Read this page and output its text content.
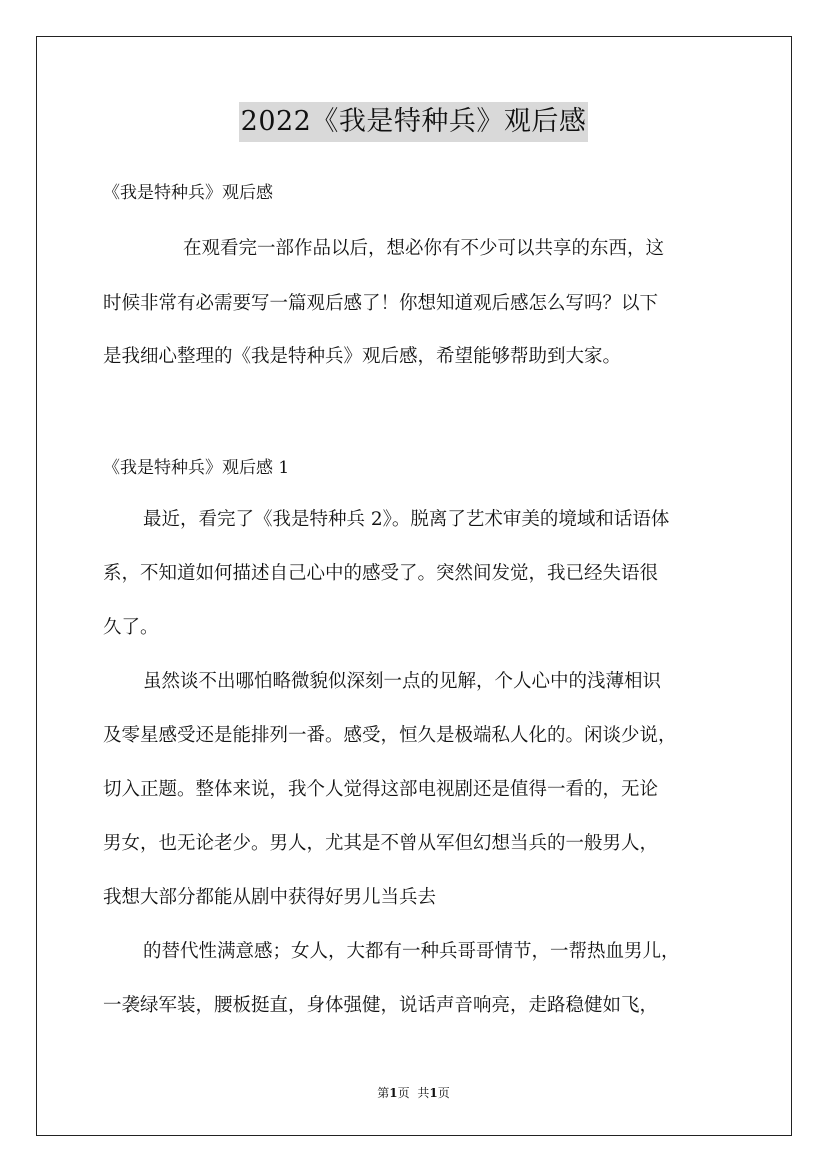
2022《我是特种兵》观后感
《我是特种兵》观后感
在观看完一部作品以后，想必你有不少可以共享的东西，这
时候非常有必需要写一篇观后感了！你想知道观后感怎么写吗？以下
是我细心整理的《我是特种兵》观后感，希望能够帮助到大家。
《我是特种兵》观后感 1
最近，看完了《我是特种兵 2》。脱离了艺术审美的境域和话语体
系，不知道如何描述自己心中的感受了。突然间发觉，我已经失语很
久了。
虽然谈不出哪怕略微貌似深刻一点的见解，个人心中的浅薄相识
及零星感受还是能排列一番。感受，恒久是极端私人化的。闲谈少说，
切入正题。整体来说，我个人觉得这部电视剧还是值得一看的，无论
男女，也无论老少。男人，尤其是不曾从军但幻想当兵的一般男人，
我想大部分都能从剧中获得好男儿当兵去
的替代性满意感；女人，大都有一种兵哥哥情节，一帮热血男儿，
一袭绿军装，腰板挺直，身体强健，说话声音响亮，走路稳健如飞，
第1页 共1页
